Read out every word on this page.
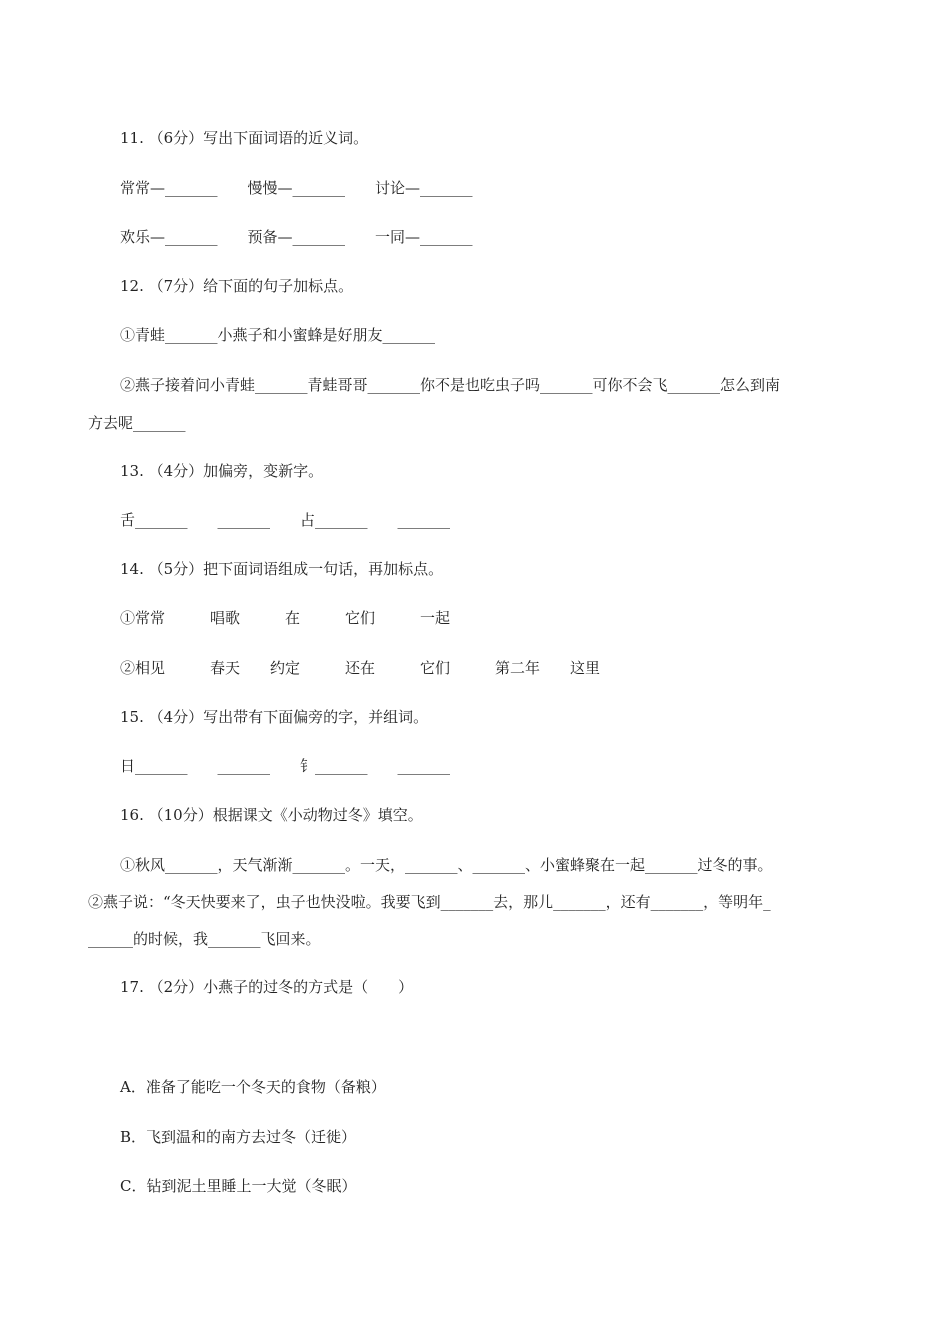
11. （6分）写出下面词语的近义词。
常常—_______　　慢慢—_______　　讨论—_______
欢乐—_______　　预备—_______　　一同—_______
12. （7分）给下面的句子加标点。
①青蛙_______小燕子和小蜜蜂是好朋友_______
②燕子接着问小青蛙_______青蛙哥哥_______你不是也吃虫子吗_______可你不会飞_______怎么到南
方去呢_______
13. （4分）加偏旁，变新字。
舌_______　　_______　　占_______　　_______
14. （5分）把下面词语组成一句话，再加标点。
①常常　　　唱歌　　　在　　　它们　　　一起
②相见　　　春天　　约定　　　还在　　　它们　　　第二年　　这里
15. （4分）写出带有下面偏旁的字，并组词。
日_______　　_______　　钅_______　　_______
16. （10分）根据课文《小动物过冬》填空。
①秋风_______，天气渐渐_______。一天，_______、_______、小蜜蜂聚在一起_______过冬的事。
②燕子说：“冬天快要来了，虫子也快没啦。我要飞到_______去，那儿_______，还有_______，等明年_
______的时候，我_______飞回来。
17. （2分）小燕子的过冬的方式是（　　）
A．准备了能吃一个冬天的食物（备粮）
B．飞到温和的南方去过冬（迁徙）
C．钻到泥土里睡上一大觉（冬眠）
